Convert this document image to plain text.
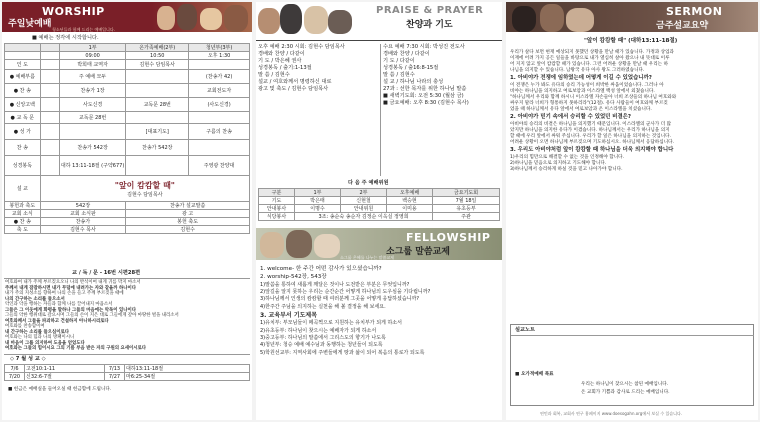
WORSHIP
주일낮예배
청소년들과 함께 드리는 예배입니다.
■ 예배는 정각에 시작합니다.
		1부	온가족예배(2부)	청년부(3부)
		09:00	10:50	오후 1:30
인 도		박희태 교역자	김현수 담임목사	
● 예배부름		주 예배 모두		(찬송가 42)
● 찬 송		찬송가 1장		교회전도자
● 신앙고백		사도신경	교독문 28번	(사도신경)
● 교 독 문		교독문 28번		
● 성 가			[대표기도]	구름의 찬송
찬 송		찬송가 542장	찬송가 542장	
성경봉독		대하 13:11-18절 (구약677)		주영광 찬양대
설 교	"앞이 캄캄할 때"
김현수 담임목사			

봉헌과 축도	542장		찬송가 설교말씀	
교회 소식	교회 소식판		광 고	
● 찬 송	찬송가		봉헌 축도	
축 도	김현수 목사		김현수	
교 / 독 / 문 - 16번 시편28편
여호와여 내가 주께 부르짖으오니 나의 반석이여 내게 귀를 막지 마소서
주께서 내게 잠잠하시면 내가 무덤에 내려가는 자와 같을까 하나이다
내가 주의 지성소를 향하여 나의 손을 들고 주께 부르짖을 때에
나의 간구하는 소리를 들으소서
악인과 악을 행하는 자들과 함께 나를 끌어내지 마옵소서
그들은 그 이웃에게 화평을 말하나 그들의 마음에는 악독이 있나이다
그들의 악한 행위대로 갚으시며 그들의 손이 지은 대로 그들에게 갚아 마땅한 벌을 내리소서
여호와께서 그들을 파괴하고 건설하지 아니하시리로다
여호와를 찬송함이여
내 간구하는 소리를 들으심이로다
여호와는 나의 힘과 나의 방패이시니
내 마음이 그를 의지하여 도움을 얻었도다
여호와는 그들의 힘이시요 그의 기름 부음 받은 자의 구원의 요새이시로다
◇ 7 월 성 교 ◇
7/6	고전10:1-11	7/13	대하13:11-18절
7/20	신32:6-7절	7/27	마6:25-34절
■ 헌금은 예배실을 들어오실 때 헌금함에 드립니다.
PRAISE & PRAYER
찬양과 기도
오후 예배 2:30 시회: 김현수 담임목사
경배와 찬양 / 다같이
기 도 / 박은혜 권사
성경봉독 / 출기:1-13절
말 씀 / 김현수
설교 / 여호와께서 명령하신 대로
광고 및 축도 / 김현수 담임목사
수요 예배 7:30 시회: 박성진 전도사
경배와 찬양 / 다같이
기 도 / 다같이
성경봉독 / 출16:8-15절
말 씀 / 김현수
설 교 / 하나님 나라의 충성
27과 : 선한 목자를 위한 하나님 말씀
■ 새벽기도회: 오전 5:30 (월삼 금)
■ 금요예배: 오후 8:30 (김현수 목사)
다 음 주 예배위원
구분	1부	2부	오후예배	금요기도회
기도	박은태	신현철	백승현	7월 18일
안내봉사	이명수	안내위원	이미용	유초등부
식당봉사	3조: 송순숙 송순자 김정순 이옥실 정영희			주관
FELLOWSHIP
소그룹 말씀교제
소그룹 은혜를 나누는 말씀교제
1. welcome- 한 주간 어떤 감사가 있으셨습니까?
2. worship-542장, 543장
1)말씀을 통하여 새롭게 깨달은 것이나 도전받은 부분은 무엇입니까?
2)앞길을 알지 못하는 우리는 순간순간 어떻게 하나님의 도우심을 기다립니까?
3)하나님께서 인생의 캄캄할 때 여러분께 그곳을 어떻게 응답하셨습니까?
4)한주간 주님을 의지하는 실천을 해 볼 결정을 해 보세요.
3. 교육부서 기도제목
1)유치부: 부모님들이 떼곡찍으로 지원하는 유치부가 되게 하소서
2)유초등부: 하나님이 찾으시는 예배자가 되게 하소서
3)중고등부: 하나님의 말씀에서 그리스도의 향기가 나도록
4)청년부: 청승 예배 예수님과 동행하는 청년들이 되도록
5)학원선교부: 지역사회에 주변들에게 땅과 삶이 되어 복음의 통로가 되도록
SERMON
금주설교요약
"앞이 캄캄할 때" (대하13:11-18절)
우리가 살다 보면 현재 예상되지 못했던 상황을 만날 때가 있습니다. 가정과 상업과
이재에 어려 가지 공든 일들을 바탕으로 내가 열심히 살아 왔으나 내 뜻대로 이루
어 지지 않고 앞이 캄캄할 때가 있습니다. 그런 어려운 상황을 만날 때 우리는 하
나님을 의지할 수 있습니다. 남왕국 유다 아사 왕도 그러하였습니다.
1. 아비야가 전쟁에 임하였는데 어떻게 이길 수 있었습니까?
이 전쟁은 누가 봐도 유다의 승리 가능성이 희박한 싸움이었습니다. 그러나 아
비야는 하나님을 의지하고 여로보암과 이스라엘 백성 앞에서 외쳤습니다.
"하나님께서 우리와 함께 하시니 이스라엘 자손들아 너희 조상들의 하나님 여호와와
싸우지 말라 너희가 형통하지 못하리라"(12절). 유다 사람들이 여호와께 부르짖
었을 때 하나님께서 유다 앞에서 여로보암과 온 이스라엘을 치셨습니다.
2. 아비야가 믿기 속에서 승리할 수 있었던 비결은?
아비야의 승리의 비결은 하나님을 의지했기 때문입니다. 이스라엘의 군사가 더 많
았지만 하나님을 의지한 유다가 이겼습니다. 하나님께서는 우리가 하나님을 의지
할 때에 우리 앞에서 싸워 주십니다. 우리가 할 일은 하나님을 의지하는 것입니다.
어려운 상황이 오면 하나님께 부르짖으며 기도하십시오. 하나님께서 응답하십니다.
3. 우리도 아비야처럼 앞이 캄캄할 때 하나님을 더욱 의지해야 합니다
1)우리의 힘만으로 해결할 수 없는 것을 인정해야 합니다.
2)하나님을 믿음으로 의지하고 기도해야 합니다.
3)하나님께서 승리하게 하실 것을 믿고 나아가야 합니다.
설교노트
■ 오가적예배 목표
우리는 하나님이 찾으시는 참된 예배입니다.
온 교회가 기쁨과 감사로 드리는 예배입니다.
연민과 회복, 교회사 연구 홈페이지 www.doesogahn.org에서 보실 수 있습니다.
